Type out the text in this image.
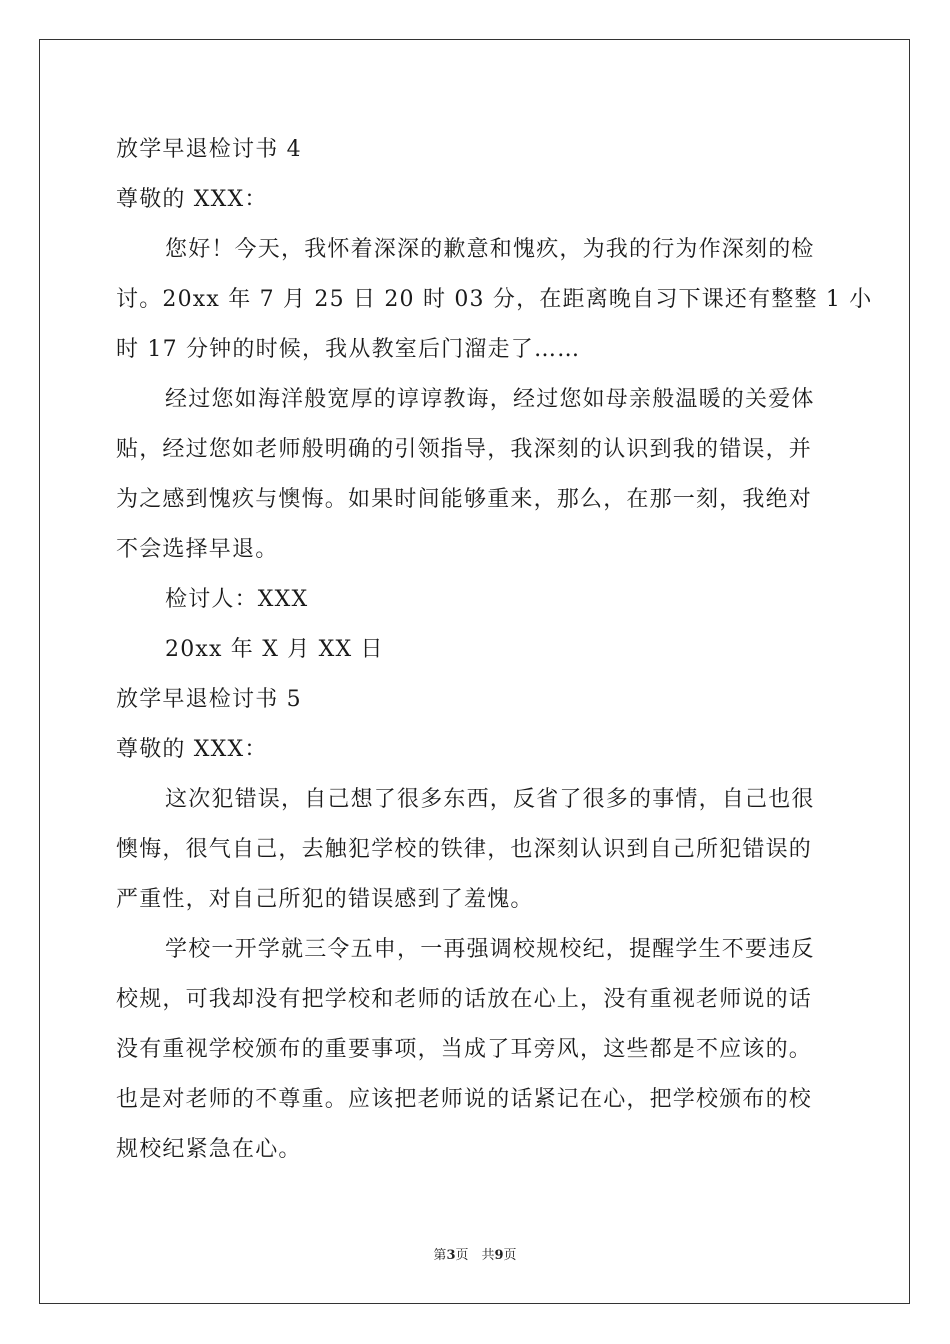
放学早退检讨书 4
尊敬的 XXX：
您好！今天，我怀着深深的歉意和愧疚，为我的行为作深刻的检
讨。20xx 年 7 月 25 日 20 时 03 分，在距离晚自习下课还有整整 1 小
时 17 分钟的时候，我从教室后门溜走了……
经过您如海洋般宽厚的谆谆教诲，经过您如母亲般温暖的关爱体
贴，经过您如老师般明确的引领指导，我深刻的认识到我的错误，并
为之感到愧疚与懊悔。如果时间能够重来，那么，在那一刻，我绝对
不会选择早退。
检讨人：XXX
20xx 年 X 月 XX 日
放学早退检讨书 5
尊敬的 XXX：
这次犯错误，自己想了很多东西，反省了很多的事情，自己也很
懊悔，很气自己，去触犯学校的铁律，也深刻认识到自己所犯错误的
严重性，对自己所犯的错误感到了羞愧。
学校一开学就三令五申，一再强调校规校纪，提醒学生不要违反
校规，可我却没有把学校和老师的话放在心上，没有重视老师说的话
没有重视学校颁布的重要事项，当成了耳旁风，这些都是不应该的。
也是对老师的不尊重。应该把老师说的话紧记在心，把学校颁布的校
规校纪紧急在心。
第3页　共9页
